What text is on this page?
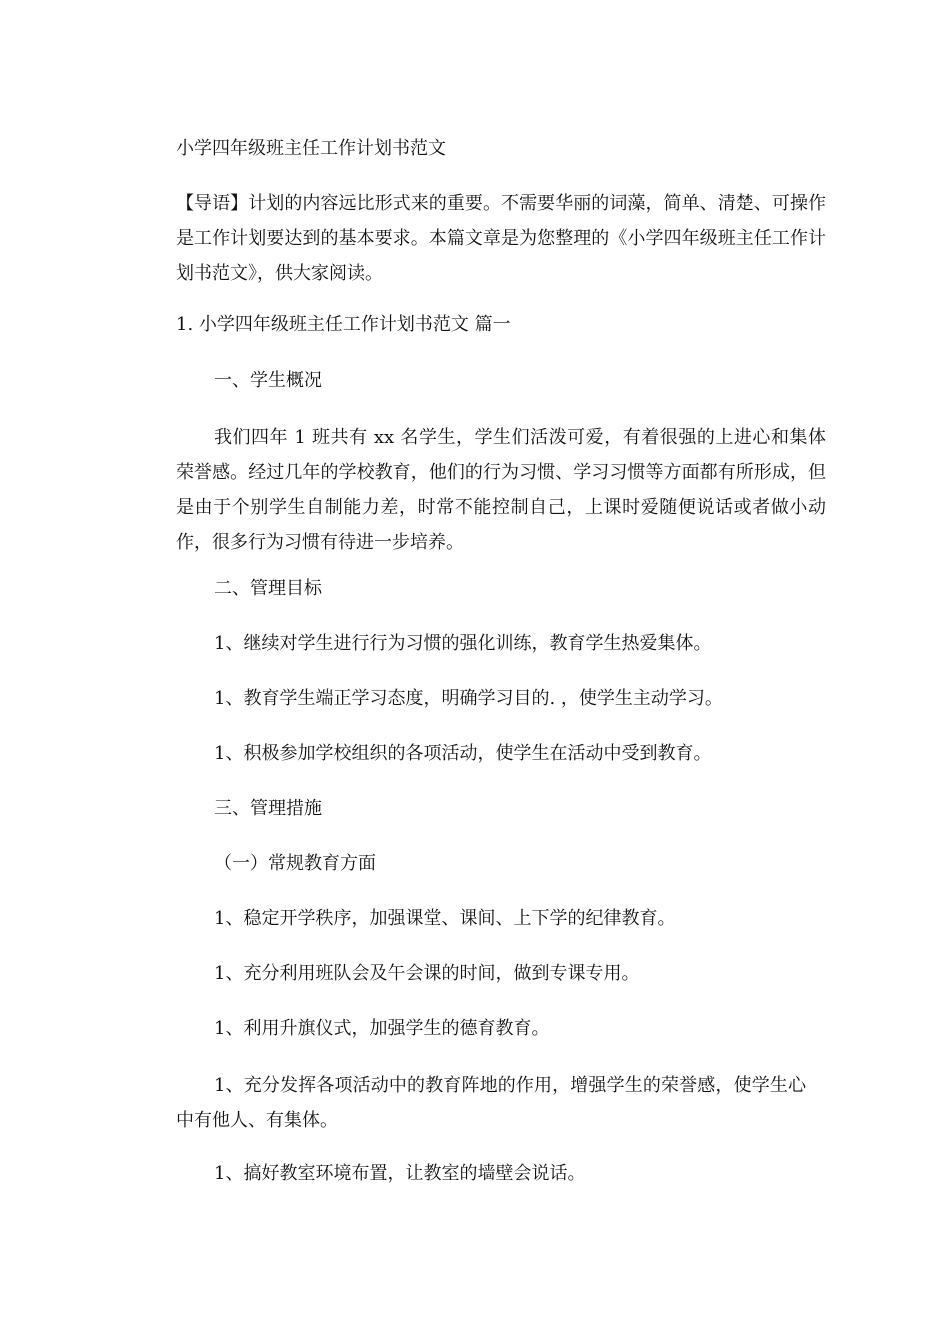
小学四年级班主任工作计划书范文
【导语】计划的内容远比形式来的重要。不需要华丽的词藻，简单、清楚、可操作是工作计划要达到的基本要求。本篇文章是为您整理的《小学四年级班主任工作计划书范文》，供大家阅读。
1. 小学四年级班主任工作计划书范文 篇一
一、学生概况
我们四年 1 班共有 xx 名学生，学生们活泼可爱，有着很强的上进心和集体荣誉感。经过几年的学校教育，他们的行为习惯、学习习惯等方面都有所形成，但是由于个别学生自制能力差，时常不能控制自己，上课时爱随便说话或者做小动作，很多行为习惯有待进一步培养。
二、管理目标
1、继续对学生进行行为习惯的强化训练，教育学生热爱集体。
1、教育学生端正学习态度，明确学习目的. ，使学生主动学习。
1、积极参加学校组织的各项活动，使学生在活动中受到教育。
三、管理措施
（一）常规教育方面
1、稳定开学秩序，加强课堂、课间、上下学的纪律教育。
1、充分利用班队会及午会课的时间，做到专课专用。
1、利用升旗仪式，加强学生的德育教育。
1、充分发挥各项活动中的教育阵地的作用，增强学生的荣誉感，使学生心中有他人、有集体。
1、搞好教室环境布置，让教室的墙壁会说话。
